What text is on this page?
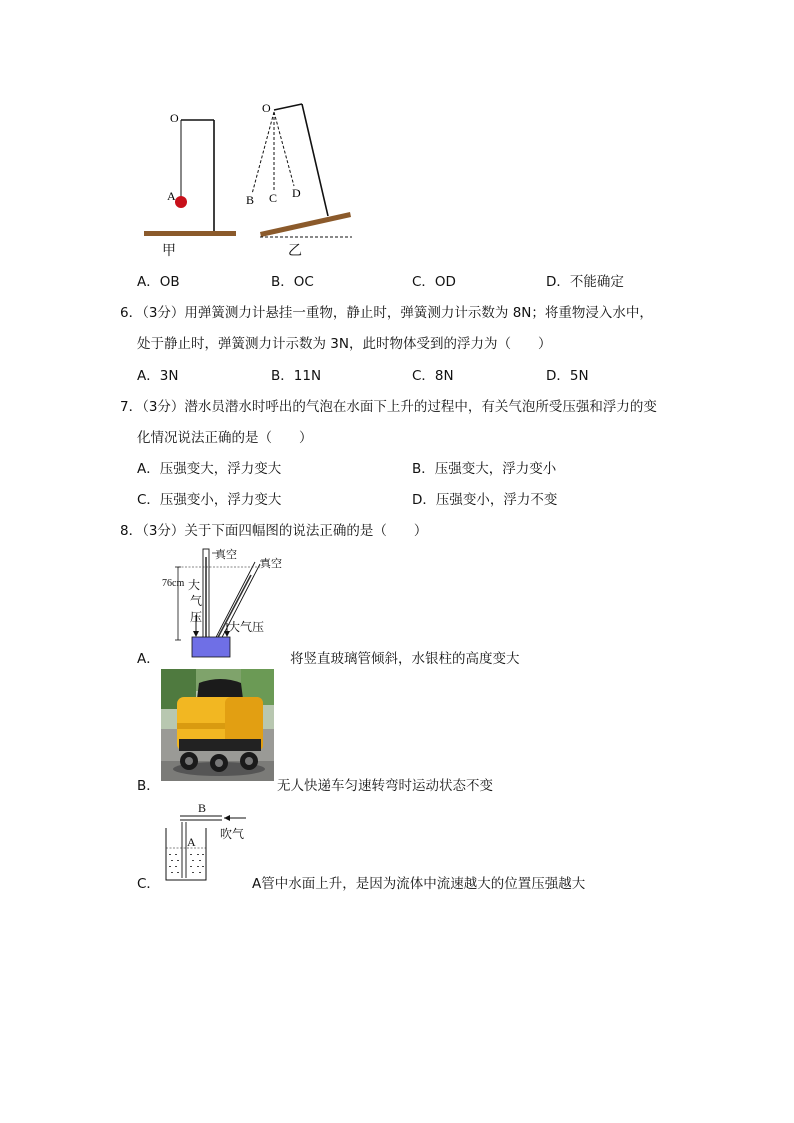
O
A
甲
O
B C D
乙
A．OB	B．OC	C．OD	D．不能确定
6．（3分）用弹簧测力计悬挂一重物，静止时，弹簧测力计示数为 8N；将重物浸入水中，
处于静止时，弹簧测力计示数为 3N，此时物体受到的浮力为（　　）
A．3N	B．11N	C．8N	D．5N
7．（3分）潜水员潜水时呼出的气泡在水面下上升的过程中，有关气泡所受压强和浮力的变
化情况说法正确的是（　　）
A．压强变大，浮力变大	B．压强变大，浮力变小
C．压强变小，浮力变大	D．压强变小，浮力不变
8．（3分）关于下面四幅图的说法正确的是（　　）
A．
真空
真空
76cm 大
气
压
大气压
将竖直玻璃管倾斜，水银柱的高度变大
B．	无人快递车匀速转弯时运动状态不变
C．
B
A
吹气
A管中水面上升，是因为流体中流速越大的位置压强越大
